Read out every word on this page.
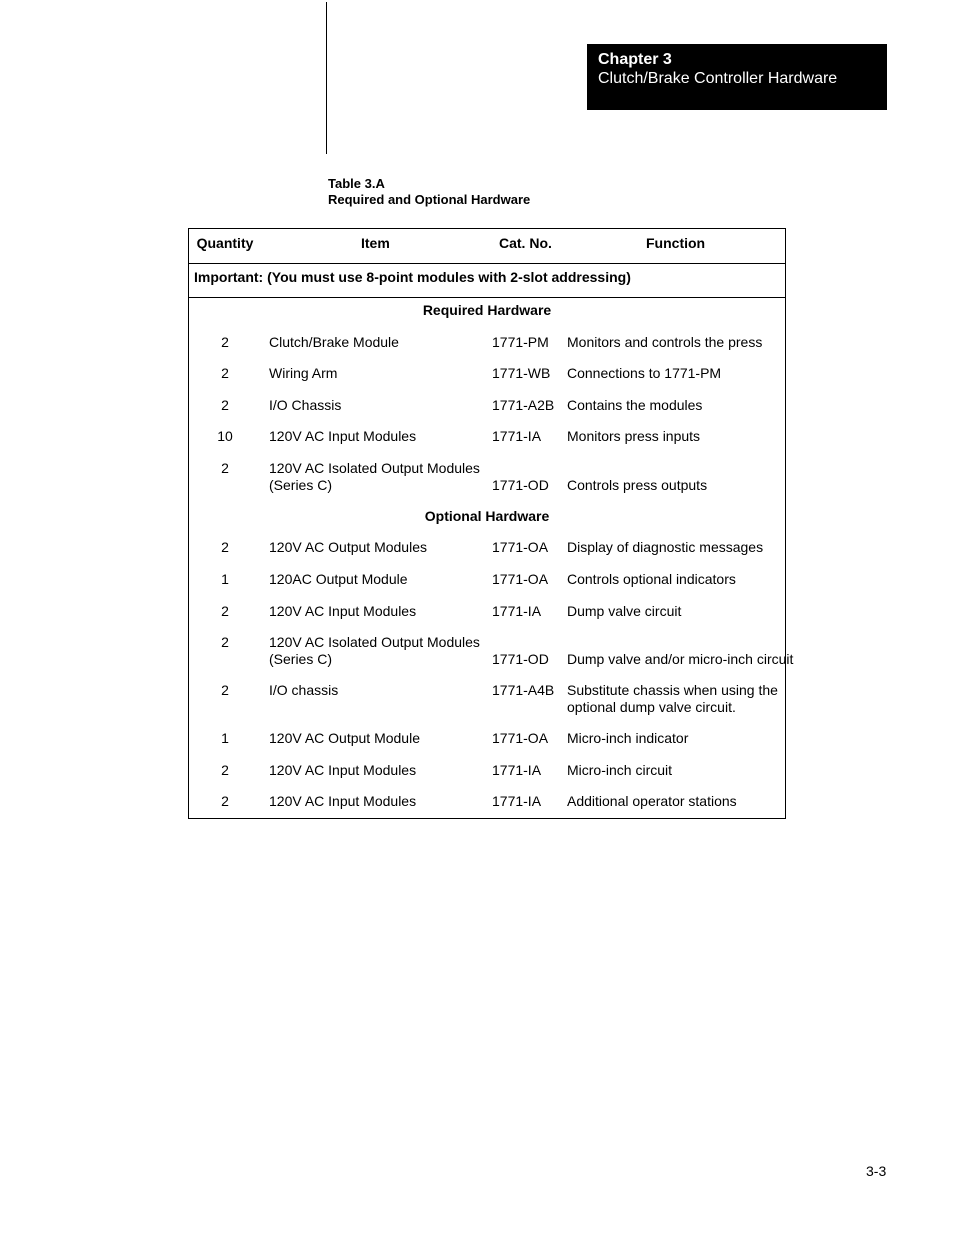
Chapter 3
Clutch/Brake Controller Hardware
Table 3.A
Required and Optional Hardware
Quantity	Item	Cat. No.	Function
Important: (You must use 8-point modules with 2-slot addressing)
Required Hardware
2	Clutch/Brake Module	1771-PM Monitors and controls the press
2	Wiring Arm	1771-WB Connections to 1771-PM
2	I/O Chassis	1771-A2B Contains the modules
10	120V AC Input Modules	1771-IA Monitors press inputs
2	120V AC Isolated Output Modules
(Series C)	1771-OD Controls press outputs
Optional Hardware
2	120V AC Output Modules	1771-OA Display of diagnostic messages
1	120AC Output Module	1771-OA Controls optional indicators
2	120V AC Input Modules	1771-IA Dump valve circuit
2	120V AC Isolated Output Modules
(Series C)	1771-OD Dump valve and/or micro-inch circuit
2	I/O chassis	1771-A4B Substitute chassis when using the
optional dump valve circuit.
1	120V AC Output Module	1771-OA Micro-inch indicator
2	120V AC Input Modules	1771-IA Micro-inch circuit
2	120V AC Input Modules	1771-IA Additional operator stations
3-3
